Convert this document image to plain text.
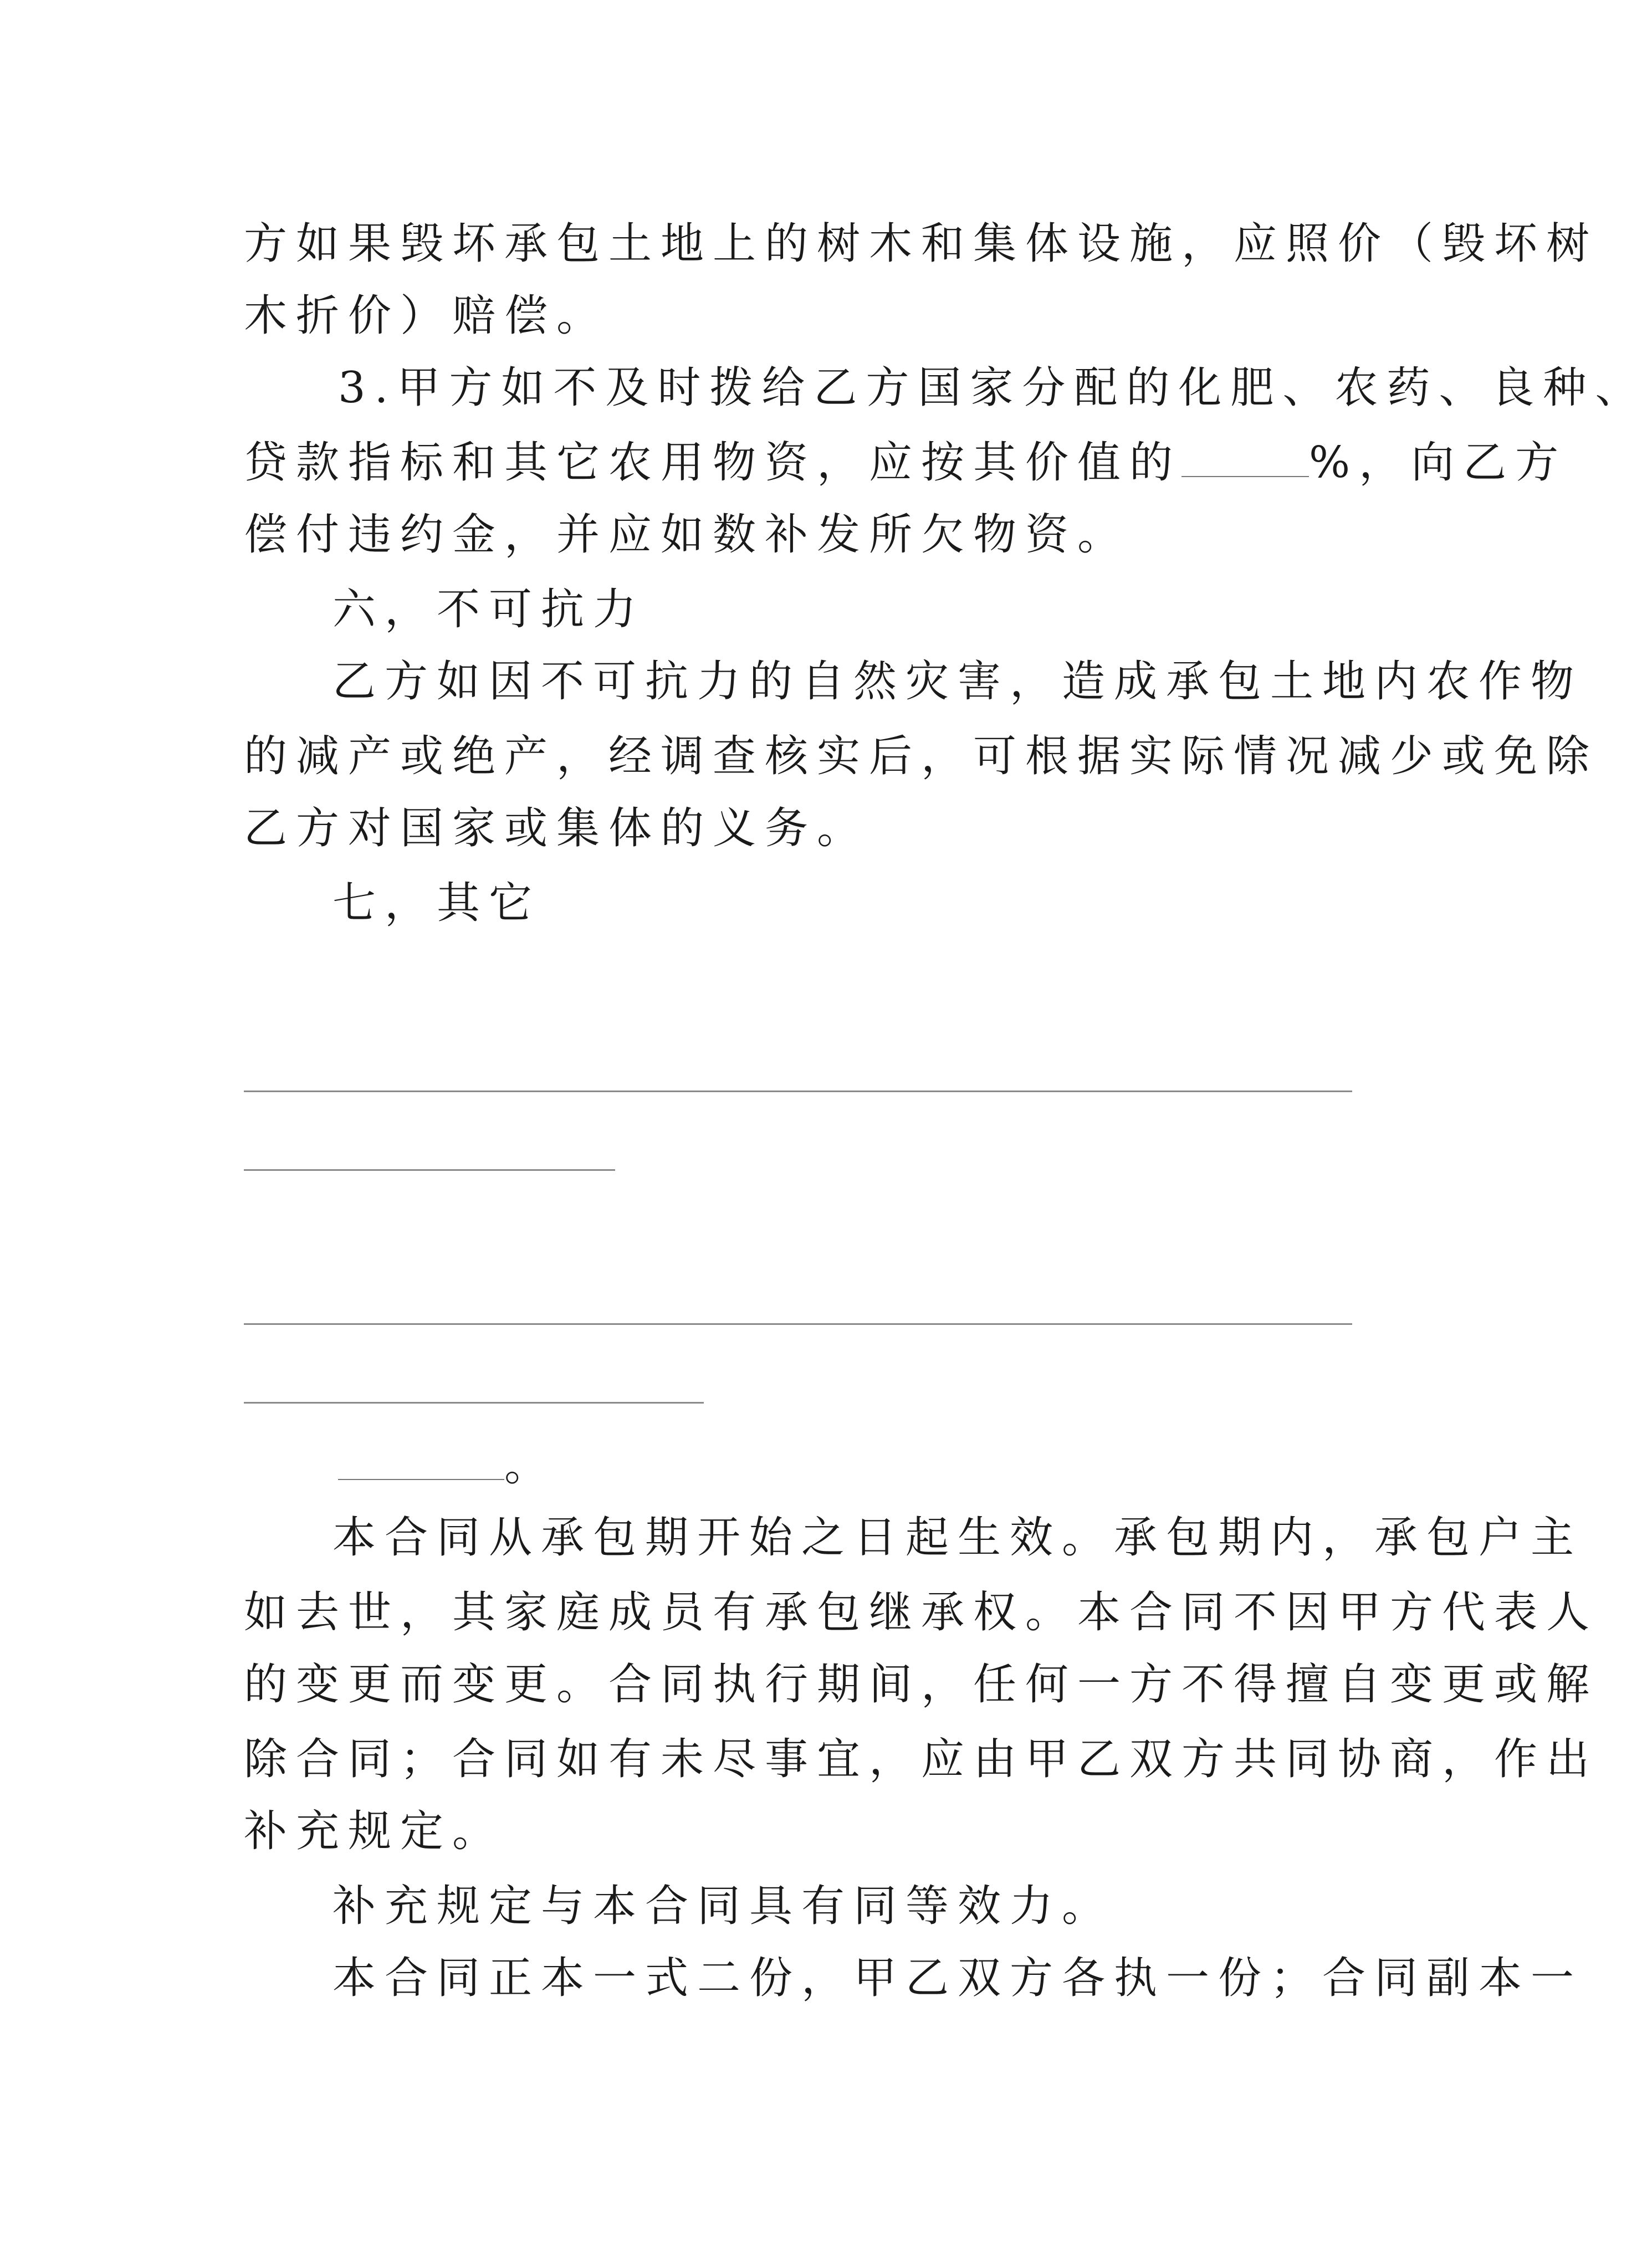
方如果毁坏承包土地上的树木和集体设施，应照价（毁坏树
木折价）赔偿。
3.甲方如不及时拨给乙方国家分配的化肥、农药、良种、
贷款指标和其它农用物资，应按其价值的	%，向乙方
偿付违约金，并应如数补发所欠物资。
六，不可抗力
乙方如因不可抗力的自然灾害，造成承包土地内农作物
的减产或绝产，经调查核实后，可根据实际情况减少或免除
乙方对国家或集体的义务。
七，其它
。
本合同从承包期开始之日起生效。承包期内，承包户主
如去世，其家庭成员有承包继承权。本合同不因甲方代表人
的变更而变更。合同执行期间，任何一方不得擅自变更或解
除合同；合同如有未尽事宜，应由甲乙双方共同协商，作出
补充规定。
补充规定与本合同具有同等效力。
本合同正本一式二份，甲乙双方各执一份；合同副本一
